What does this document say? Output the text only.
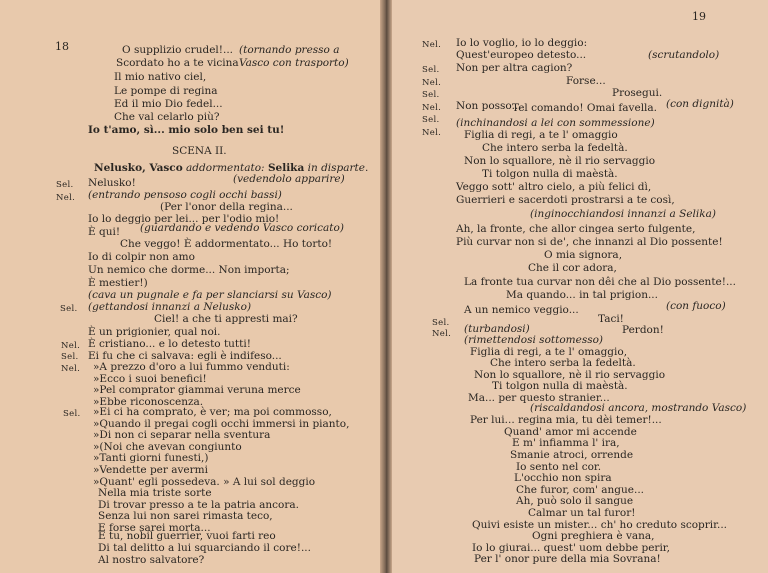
18	O supplizio crudel!... (tornando presso a
Scordato ho a te vicina Vasco con trasporto)
Il mio nativo ciel,
Le pompe di regina
Ed il mio Dio fedel...
Che val celarlo più?
Io t'amo, sì... mio solo ben sei tu!
SCENA II.
Nelusko, Vasco addormentato: Selika in disparte.
Sel. Nelusko!	(vedendolo apparire)
Nel. (entrando pensoso cogli occhi bassi)
(Per l'onor della regina...
Io lo deggio per lei... per l'odio mio!
È qui! (guardando e vedendo Vasco coricato)
Che veggo! È addormentato... Ho torto!
Io di colpir non amo
Un nemico che dorme... Non importa;
È mestier!)
(cava un pugnale e fa per slanciarsi su Vasco)
Sel. (gettandosi innanzi a Nelusko)
Ciel! a che ti appresti mai?
È un prigionier, qual noi.
Nel. È cristiano... e lo detesto tutti!
Sel. Ei fu che ci salvava: egli è indifeso...
Nel. »A prezzo d'oro a lui fummo venduti:
»Ecco i suoi benefici!
»Pel comprator giammai veruna merce
»Ebbe riconoscenza.
Sel. »Ei ci ha comprato, è ver; ma poi commosso,
»Quando il pregai cogli occhi immersi in pianto,
»Di non ci separar nella sventura
»(Noi che avevan congiunto
»Tanti giorni funesti,)
»Vendette per avermi
»Quant' egli possedeva. » A lui sol deggio
Nella mia triste sorte
Di trovar presso a te la patria ancora.
Senza lui non sarei rimasta teco,
E forse sarei morta...
E tu, nobil guerrier, vuoi farti reo
Di tal delitto a lui squarciando il core!...
Al nostro salvatore?
19
Nel. Io lo voglio, io lo deggio:
Quest'europeo detesto...	(scrutandolo)
Sel. Non per altra cagion?
Nel.	Forse...
Sel.	Prosegui.
Nel. Non posso...
Sel.
Tel comando! Omai favella. (con dignità)
Nel.
(inchinandosi a lei con sommessione)
Figlia di regi, a te l' omaggio
Che intero serba la fedeltà.
Non lo squallore, nè il rio servaggio
Ti tolgon nulla di maèstà.
Veggo sott' altro cielo, a più felici dì,
Guerrieri e sacerdoti prostrarsi a te così,
(inginocchiandosi innanzi a Selika)
Ah, la fronte, che allor cingea serto fulgente,
Più curvar non si de', che innanzi al Dio possente!
O mia signora,
Che il cor adora,
La fronte tua curvar non dêi che al Dio possente!...
Ma quando... in tal prigion...
A un nemico veggio...	(con fuoco)
Sel.	Taci!
(turbandosi)	Perdon!
Nel.
(rimettendosi sottomesso)
Figlia di regi, a te l' omaggio,
Che intero serba la fedeltà.
Non lo squallore, nè il rio servaggio
Ti tolgon nulla di maèstà.
Ma... per questo stranier...
(riscaldandosi ancora, mostrando Vasco)
Per lui... regina mia, tu dèi temer!...
Quand' amor mi accende
E m' infiamma l' ira,
Smanie atroci, orrende
Io sento nel cor.
L'occhio non spira
Che furor, com' angue...
Ah, può solo il sangue
Calmar un tal furor!
Quivi esiste un mister... ch' ho creduto scoprir...
Ogni preghiera è vana,
Io lo giurai... quest' uom debbe perir,
Per l' onor pure della mia Sovrana!
